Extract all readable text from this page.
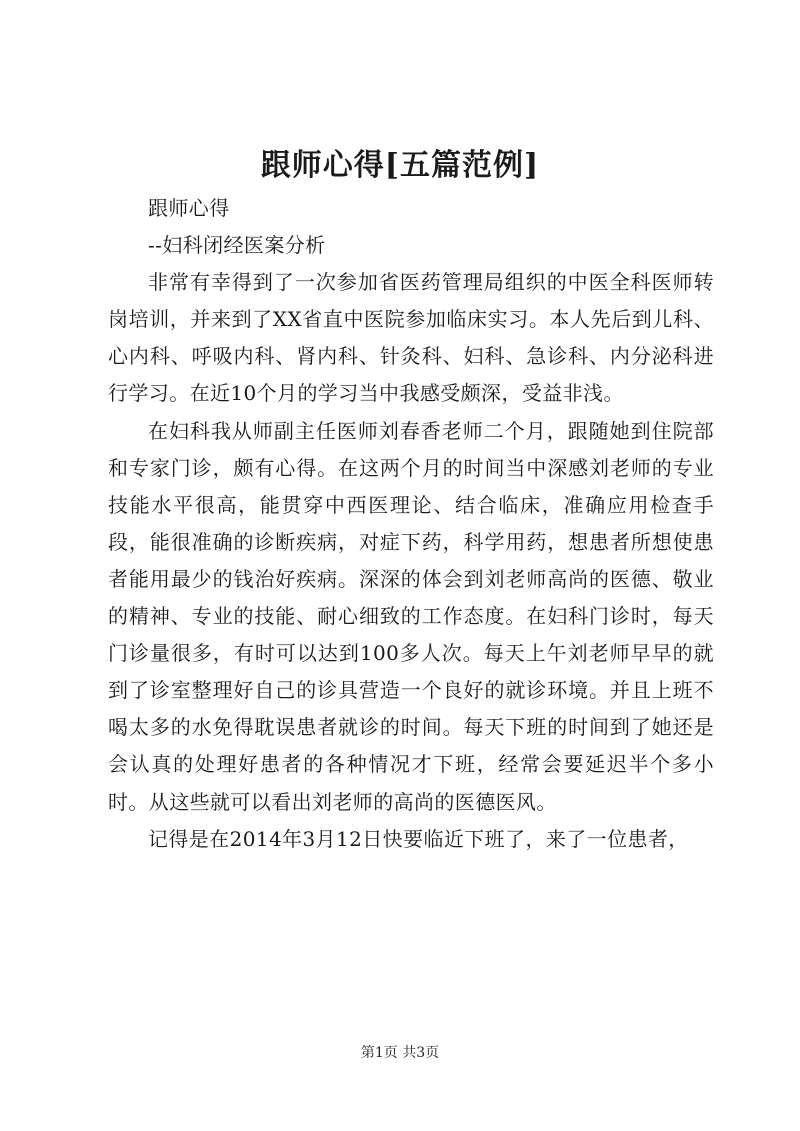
跟师心得[五篇范例]

跟师心得

--妇科闭经医案分析

非常有幸得到了一次参加省医药管理局组织的中医全科医师转岗培训，并来到了XX省直中医院参加临床实习。本人先后到儿科、心内科、呼吸内科、肾内科、针灸科、妇科、急诊科、内分泌科进行学习。在近10个月的学习当中我感受颇深，受益非浅。

在妇科我从师副主任医师刘春香老师二个月，跟随她到住院部和专家门诊，颇有心得。在这两个月的时间当中深感刘老师的专业技能水平很高，能贯穿中西医理论、结合临床，准确应用检查手段，能很准确的诊断疾病，对症下药，科学用药，想患者所想使患者能用最少的钱治好疾病。深深的体会到刘老师高尚的医德、敬业的精神、专业的技能、耐心细致的工作态度。在妇科门诊时，每天门诊量很多，有时可以达到100多人次。每天上午刘老师早早的就到了诊室整理好自己的诊具营造一个良好的就诊环境。并且上班不喝太多的水免得耽误患者就诊的时间。每天下班的时间到了她还是会认真的处理好患者的各种情况才下班，经常会要延迟半个多小时。从这些就可以看出刘老师的高尚的医德医风。

记得是在2014年3月12日快要临近下班了，来了一位患者，

第1页 共3页
